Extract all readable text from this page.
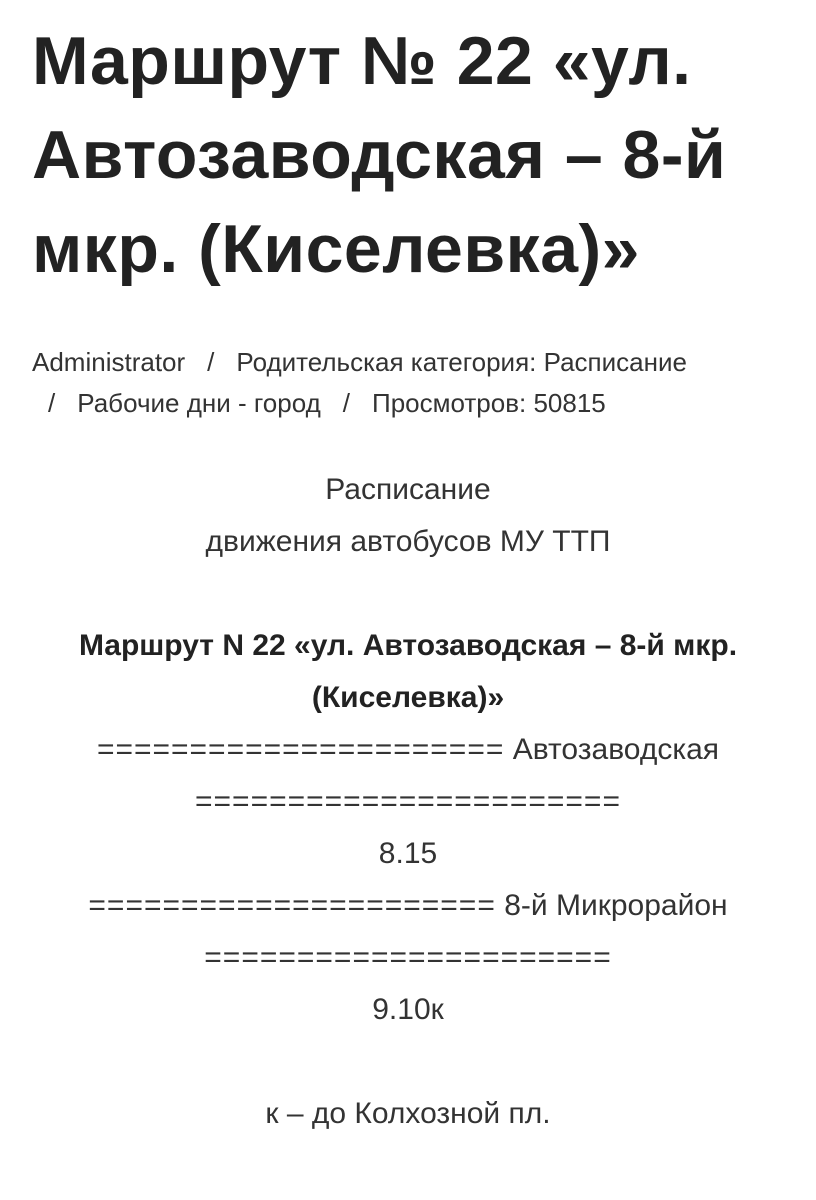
Маршрут № 22 «ул. Автозаводская – 8-й мкр. (Киселевка)»
Administrator / Родительская категория: Расписание
/ Рабочие дни - город / Просмотров: 50815
Расписание
движения автобусов МУ ТТП
Маршрут N 22 «ул. Автозаводская – 8-й мкр. (Киселевка)»
====================== Автозаводская
=======================
8.15
====================== 8-й Микрорайон
======================
9.10к
к – до Колхозной пл.
